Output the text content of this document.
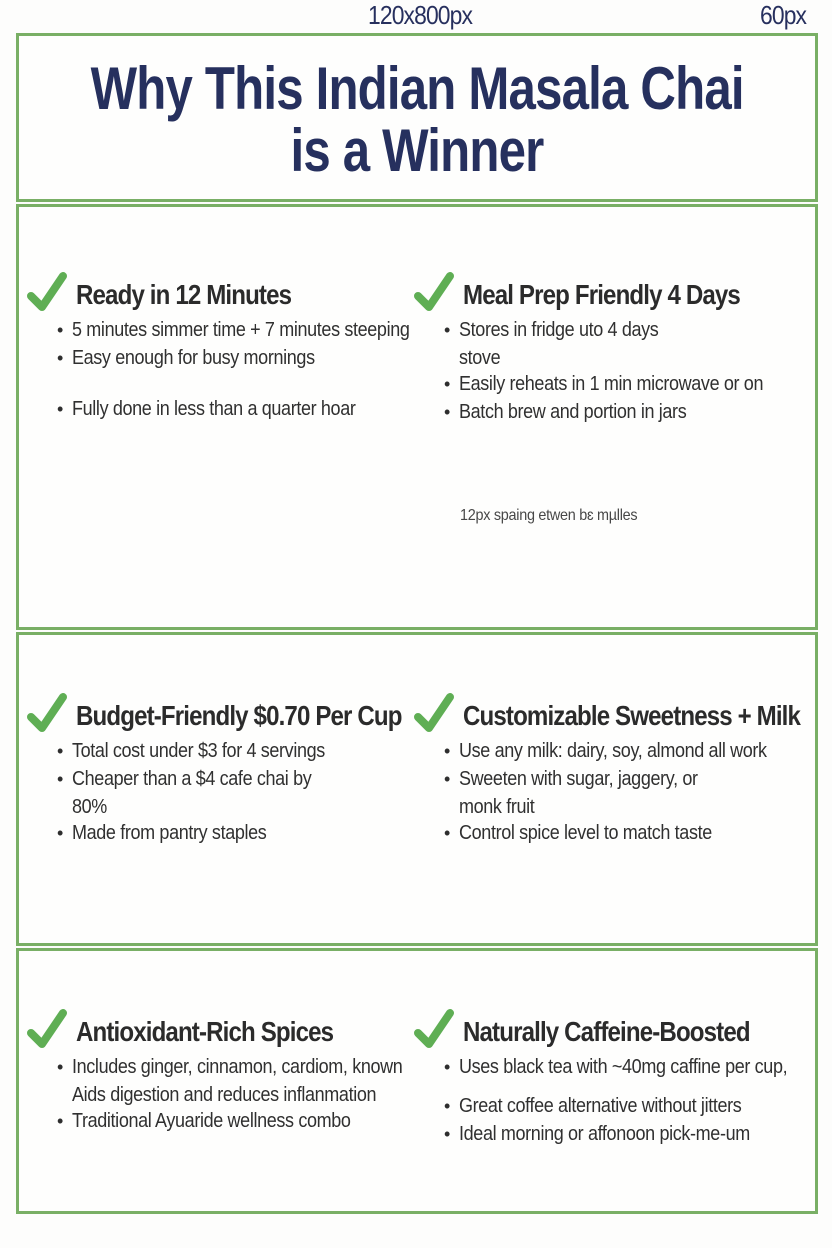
120x800px	60px
Why This Indian Masala Chai
is a Winner
Ready in 12 Minutes
•
5 minutes simmer time + 7 minutes steeping
•
Easy enough for busy mornings
•
Fully done in less than a quarter hoar
Meal Prep Friendly 4 Days
•
Stores in fridge uto 4 days
stove
•
Easily reheats in 1 min microwave or on
•
Batch brew and portion in jars
12px spaing etwen bɛ mµlles
Budget-Friendly $0.70 Per Cup
•
Total cost under $3 for 4 servings
•
Cheaper than a $4 cafe chai by
80%
•
Made from pantry staples
Customizable Sweetness + Milk
•
Use any milk: dairy, soy, almond all work
•
Sweeten with sugar, jaggery, or
monk fruit
•
Control spice level to match taste
Antioxidant-Rich Spices
•
Includes ginger, cinnamon, cardiom, known
Aids digestion and reduces inflanmation
•
Traditional Ayuaride wellness combo
Naturally Caffeine-Boosted
•
Uses black tea with ~40mg caffine per cup,
•
Great coffee alternative without jitters
•
Ideal morning or affonoon pick-me-um
